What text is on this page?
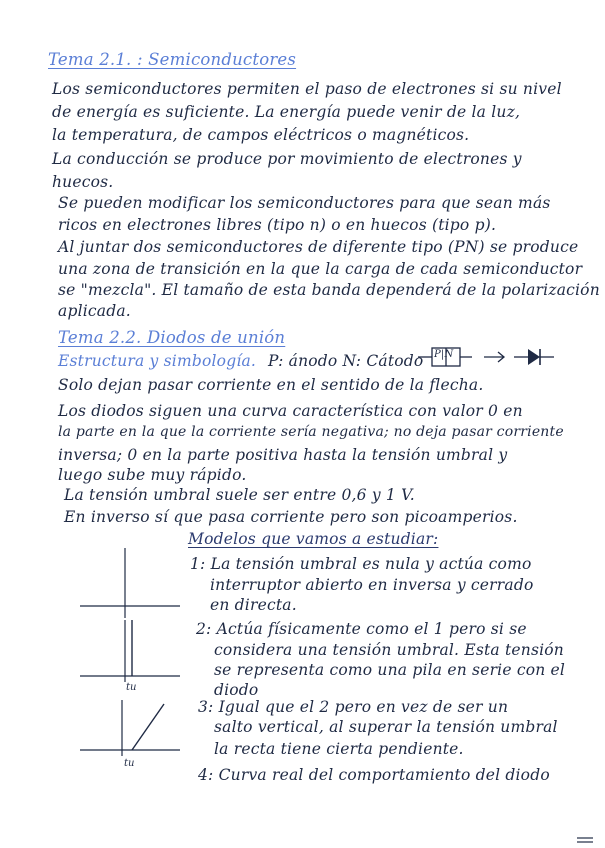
Tema 2.1. : Semiconductores
Los semiconductores permiten el paso de electrones si su nivel
de energía es suficiente. La energía puede venir de la luz,
la temperatura, de campos eléctricos o magnéticos.
La conducción se produce por movimiento de electrones y
huecos.
Se pueden modificar los semiconductores para que sean más
ricos en electrones libres (tipo n) o en huecos (tipo p).
Al juntar dos semiconductores de diferente tipo (PN) se produce
una zona de transición en la que la carga de cada semiconductor
se "mezcla". El tamaño de esta banda dependerá de la polarización
aplicada.
Tema 2.2. Diodos de unión
Estructura y simbología. P: ánodo N: Cátodo P|N
Solo dejan pasar corriente en el sentido de la flecha.
Los diodos siguen una curva característica con valor 0 en
la parte en la que la corriente sería negativa; no deja pasar corriente
inversa; 0 en la parte positiva hasta la tensión umbral y
luego sube muy rápido.
La tensión umbral suele ser entre 0,6 y 1 V.
En inverso sí que pasa corriente pero son picoamperios.
Modelos que vamos a estudiar:
1: La tensión umbral es nula y actúa como
interruptor abierto en inversa y cerrado
en directa.
2: Actúa físicamente como el 1 pero si se
considera una tensión umbral. Esta tensión
se representa como una pila en serie con el
diodo
3: Igual que el 2 pero en vez de ser un
salto vertical, al superar la tensión umbral
la recta tiene cierta pendiente.
4: Curva real del comportamiento del diodo
tu
tu
